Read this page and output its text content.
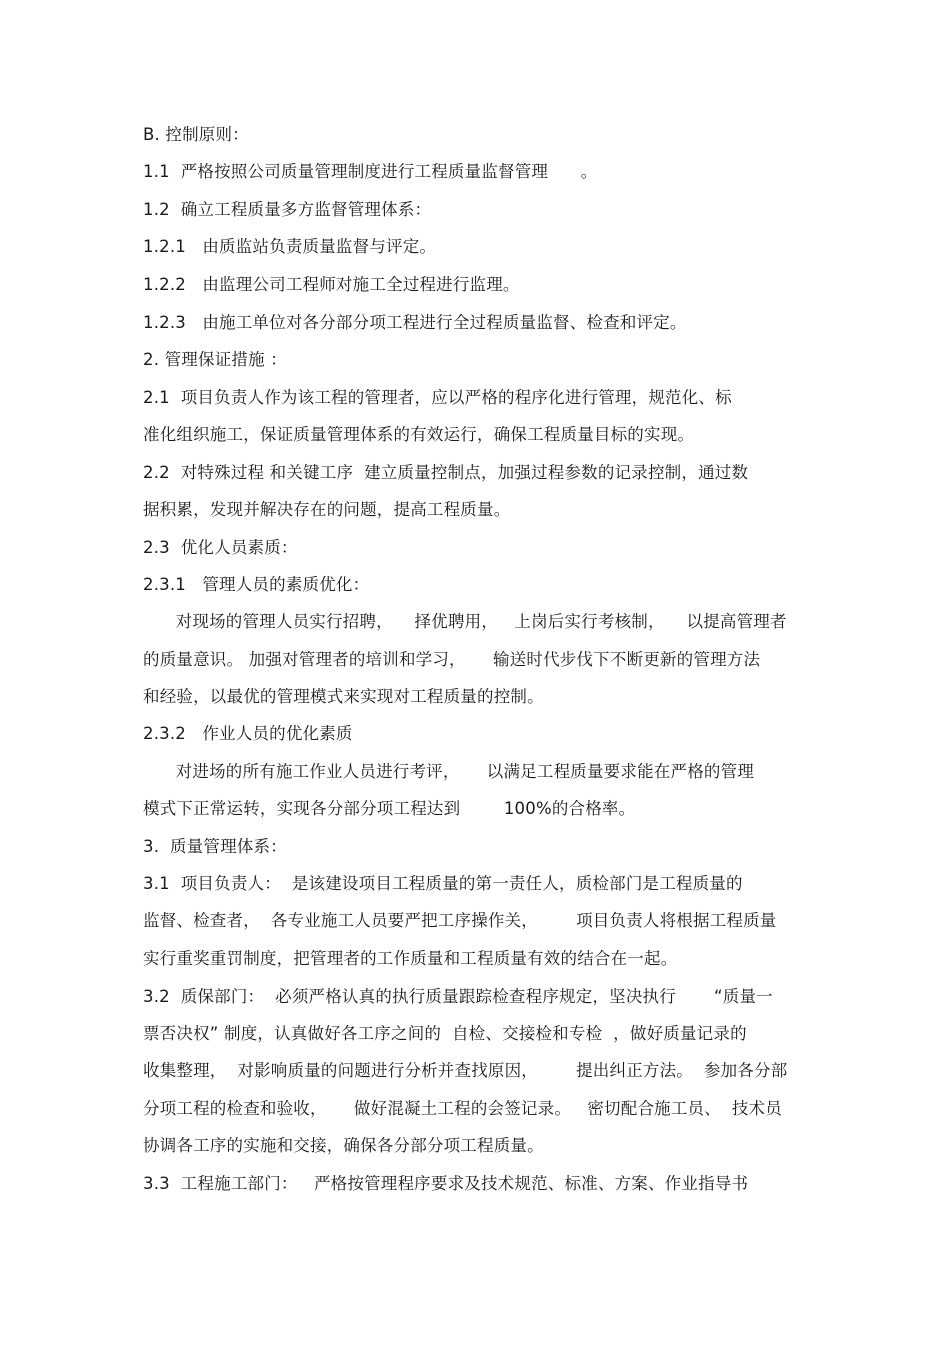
B. 控制原则：
1.1  严格按照公司质量管理制度进行工程质量监督管理      。
1.2  确立工程质量多方监督管理体系：
1.2.1   由质监站负责质量监督与评定。
1.2.2   由监理公司工程师对施工全过程进行监理。
1.2.3   由施工单位对各分部分项工程进行全过程质量监督、检查和评定。
2. 管理保证措施 ：
2.1  项目负责人作为该工程的管理者，应以严格的程序化进行管理，规范化、标
准化组织施工，保证质量管理体系的有效运行，确保工程质量目标的实现。
2.2  对特殊过程 和关键工序  建立质量控制点，加强过程参数的记录控制，通过数
据积累，发现并解决存在的问题，提高工程质量。
2.3  优化人员素质：
2.3.1   管理人员的素质优化：
对现场的管理人员实行招聘，    择优聘用，   上岗后实行考核制，    以提高管理者
的质量意识。 加强对管理者的培训和学习，     输送时代步伐下不断更新的管理方法
和经验，以最优的管理模式来实现对工程质量的控制。
2.3.2   作业人员的优化素质
对进场的所有施工作业人员进行考评，     以满足工程质量要求能在严格的管理
模式下正常运转，实现各分部分项工程达到        100%的合格率。
3.  质量管理体系：
3.1  项目负责人：  是该建设项目工程质量的第一责任人，质检部门是工程质量的
监督、检查者，  各专业施工人员要严把工序操作关，       项目负责人将根据工程质量
实行重奖重罚制度，把管理者的工作质量和工程质量有效的结合在一起。
3.2  质保部门：  必须严格认真的执行质量跟踪检查程序规定，坚决执行       “质量一
票否决权” 制度，认真做好各工序之间的  自检、交接检和专检  ，做好质量记录的
收集整理，  对影响质量的问题进行分析并查找原因，       提出纠正方法。  参加各分部
分项工程的检查和验收，     做好混凝土工程的会签记录。   密切配合施工员、  技术员
协调各工序的实施和交接，确保各分部分项工程质量。
3.3  工程施工部门：   严格按管理程序要求及技术规范、标准、方案、作业指导书
